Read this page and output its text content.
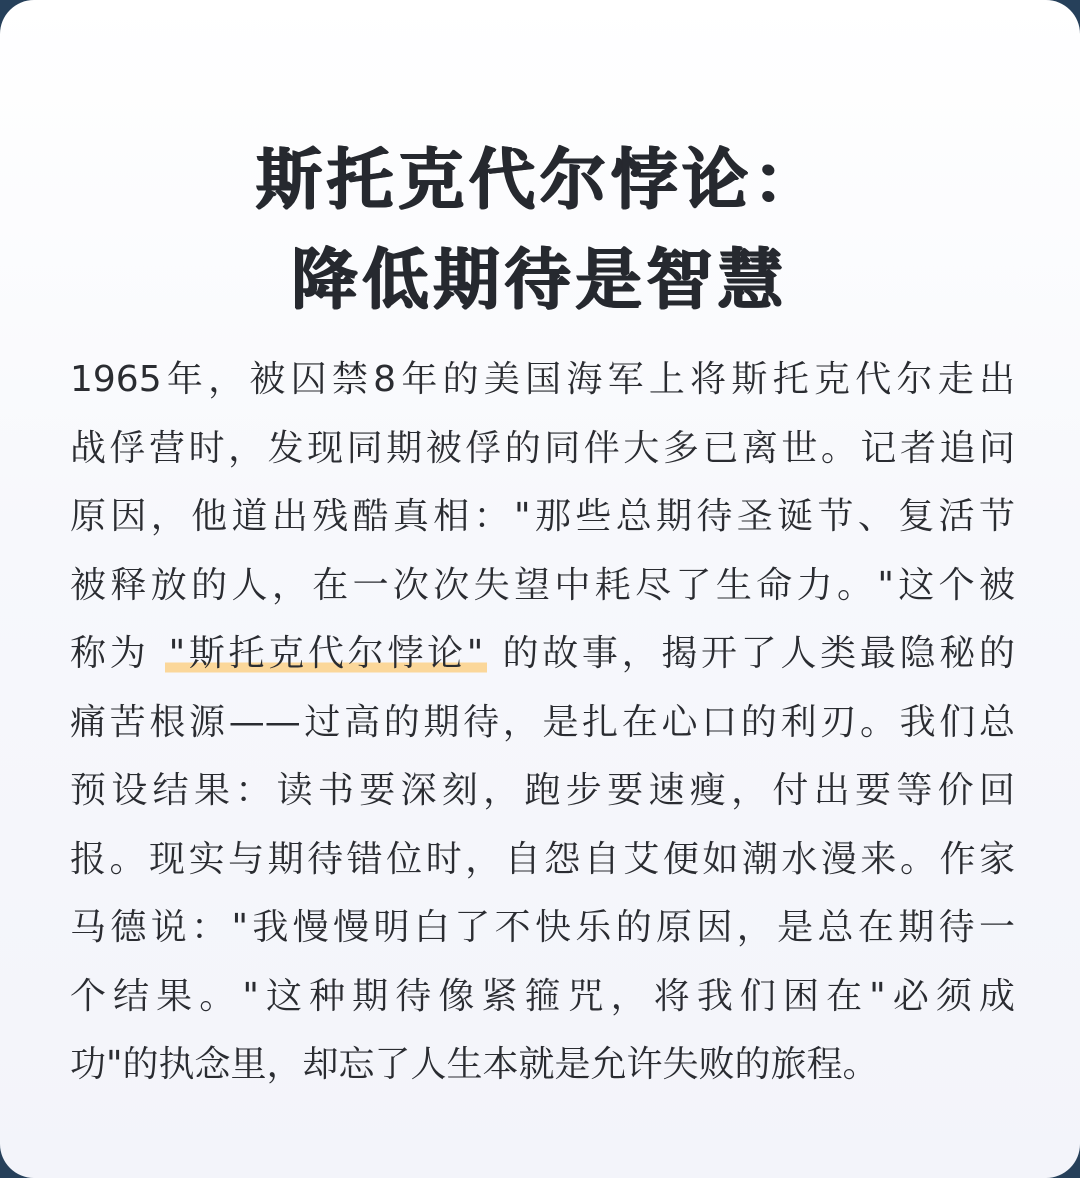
斯托克代尔悖论：
降低期待是智慧

1965年，被囚禁8年的美国海军上将斯托克代尔走出
战俘营时，发现同期被俘的同伴大多已离世。记者追问
原因，他道出残酷真相："那些总期待圣诞节、复活节
被释放的人，在一次次失望中耗尽了生命力。"这个被
称为 "斯托克代尔悖论" 的故事，揭开了人类最隐秘的
痛苦根源——过高的期待，是扎在心口的利刃。我们总
预设结果：读书要深刻，跑步要速瘦，付出要等价回
报。现实与期待错位时，自怨自艾便如潮水漫来。作家
马德说："我慢慢明白了不快乐的原因，是总在期待一
个结果。"这种期待像紧箍咒，将我们困在"必须成
功"的执念里，却忘了人生本就是允许失败的旅程。
